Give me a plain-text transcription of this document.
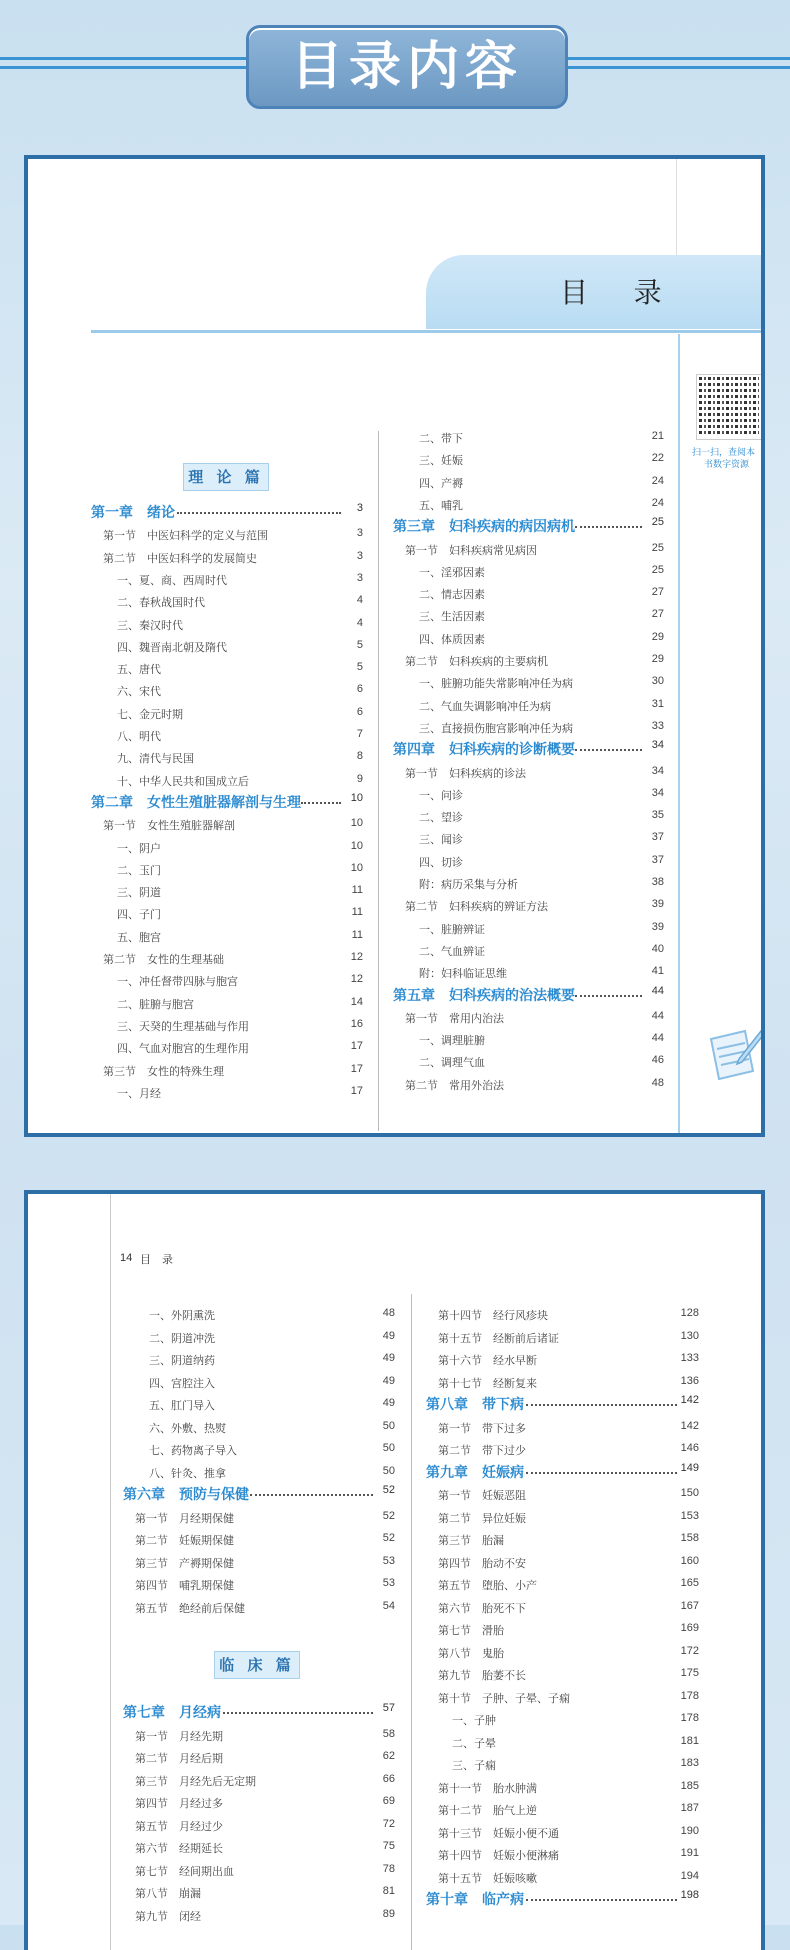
目录内容
目    录
扫一扫，查阅本
书数字资源
理 论 篇
第一章　绪论	3
第一节　中医妇科学的定义与范围	3
第二节　中医妇科学的发展简史	3
一、夏、商、西周时代	3
二、春秋战国时代	4
三、秦汉时代	4
四、魏晋南北朝及隋代	5
五、唐代	5
六、宋代	6
七、金元时期	6
八、明代	7
九、清代与民国	8
十、中华人民共和国成立后	9
第二章　女性生殖脏器解剖与生理	10
第一节　女性生殖脏器解剖	10
一、阴户	10
二、玉门	10
三、阴道	11
四、子门	11
五、胞宫	11
第二节　女性的生理基础	12
一、冲任督带四脉与胞宫	12
二、脏腑与胞宫	14
三、天癸的生理基础与作用	16
四、气血对胞宫的生理作用	17
第三节　女性的特殊生理	17
一、月经	17
二、带下	21
三、妊娠	22
四、产褥	24
五、哺乳	24
第三章　妇科疾病的病因病机	25
第一节　妇科疾病常见病因	25
一、淫邪因素	25
二、情志因素	27
三、生活因素	27
四、体质因素	29
第二节　妇科疾病的主要病机	29
一、脏腑功能失常影响冲任为病	30
二、气血失调影响冲任为病	31
三、直接损伤胞宫影响冲任为病	33
第四章　妇科疾病的诊断概要	34
第一节　妇科疾病的诊法	34
一、问诊	34
二、望诊	35
三、闻诊	37
四、切诊	37
附：病历采集与分析	38
第二节　妇科疾病的辨证方法	39
一、脏腑辨证	39
二、气血辨证	40
附：妇科临证思维	41
第五章　妇科疾病的治法概要	44
第一节　常用内治法	44
一、调理脏腑	44
二、调理气血	46
第二节　常用外治法	48
14 目　录
临 床 篇
一、外阴熏洗	48
二、阴道冲洗	49
三、阴道纳药	49
四、宫腔注入	49
五、肛门导入	49
六、外敷、热熨	50
七、药物离子导入	50
八、针灸、推拿	50
第六章　预防与保健	52
第一节　月经期保健	52
第二节　妊娠期保健	52
第三节　产褥期保健	53
第四节　哺乳期保健	53
第五节　绝经前后保健	54
第七章　月经病	57
第一节　月经先期	58
第二节　月经后期	62
第三节　月经先后无定期	66
第四节　月经过多	69
第五节　月经过少	72
第六节　经期延长	75
第七节　经间期出血	78
第八节　崩漏	81
第九节　闭经	89
第十四节　经行风疹块	128
第十五节　经断前后诸证	130
第十六节　经水早断	133
第十七节　经断复来	136
第八章　带下病	142
第一节　带下过多	142
第二节　带下过少	146
第九章　妊娠病	149
第一节　妊娠恶阻	150
第二节　异位妊娠	153
第三节　胎漏	158
第四节　胎动不安	160
第五节　堕胎、小产	165
第六节　胎死不下	167
第七节　滑胎	169
第八节　鬼胎	172
第九节　胎萎不长	175
第十节　子肿、子晕、子痫	178
一、子肿	178
二、子晕	181
三、子痫	183
第十一节　胎水肿满	185
第十二节　胎气上逆	187
第十三节　妊娠小便不通	190
第十四节　妊娠小便淋痛	191
第十五节　妊娠咳嗽	194
第十章　临产病	198
